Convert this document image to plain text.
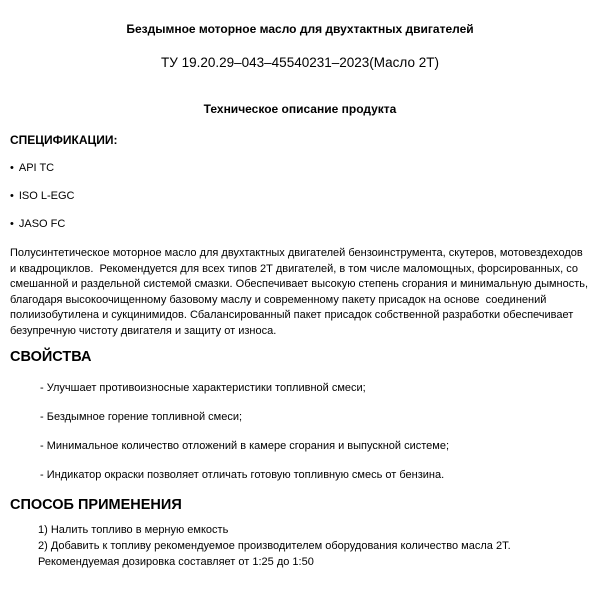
Бездымное моторное масло для двухтактных двигателей
ТУ 19.20.29–043–45540231–2023(Масло 2Т)
Техническое описание продукта
СПЕЦИФИКАЦИИ:
• API TC
• ISO L-EGC
• JASO FC
Полусинтетическое моторное масло для двухтактных двигателей бензоинструмента, скутеров, мотовездеходов и квадроциклов.  Рекомендуется для всех типов 2Т двигателей, в том числе маломощных, форсированных, со смешанной и раздельной системой смазки. Обеспечивает высокую степень сгорания и минимальную дымность, благодаря высокоочищенному базовому маслу и современному пакету присадок на основе  соединений полиизобутилена и сукцинимидов. Сбалансированный пакет присадок собственной разработки обеспечивает безупречную чистоту двигателя и защиту от износа.
СВОЙСТВА
- Улучшает противоизносные характеристики топливной смеси;
- Бездымное горение топливной смеси;
- Минимальное количество отложений в камере сгорания и выпускной системе;
- Индикатор окраски позволяет отличать готовую топливную смесь от бензина.
СПОСОБ ПРИМЕНЕНИЯ

1) Налить топливо в мерную емкость

2) Добавить к топливу рекомендуемое производителем оборудования количество масла 2Т.

Рекомендуемая дозировка составляет от 1:25 до 1:50
